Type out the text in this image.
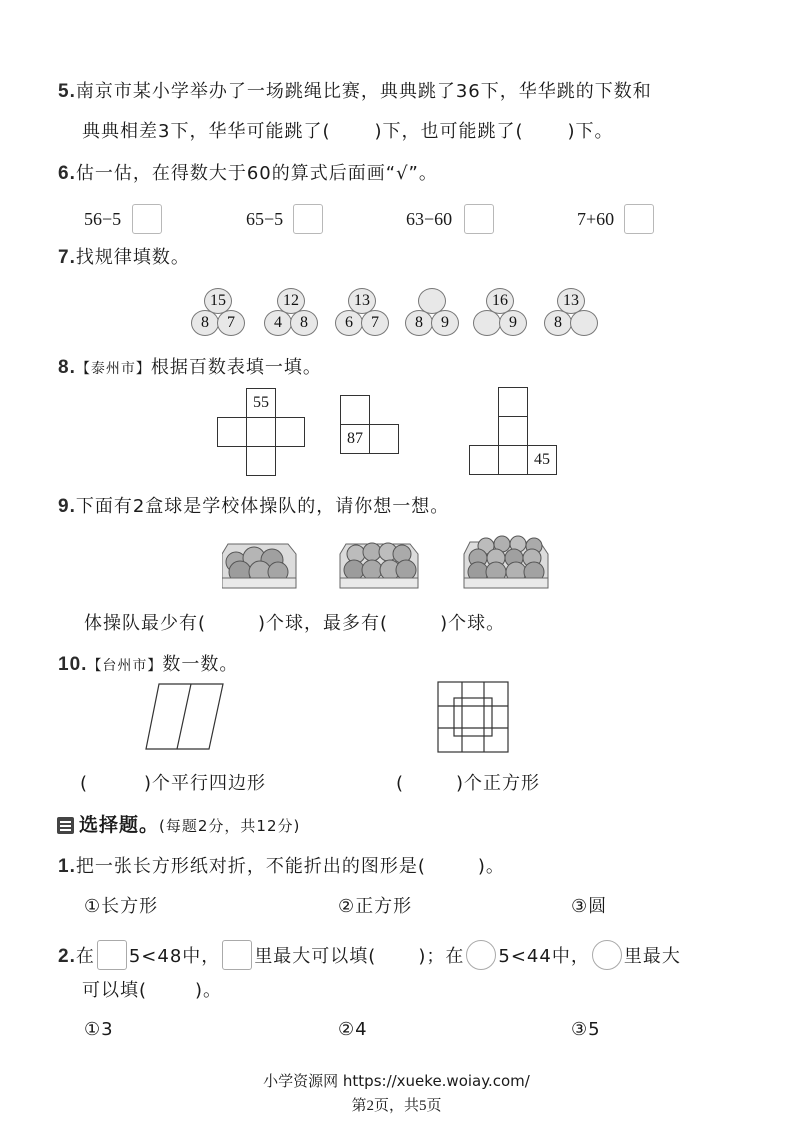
5.南京市某小学举办了一场跳绳比赛，典典跳了36下，华华跳的下数和
典典相差3下，华华可能跳了( )下，也可能跳了( )下。
6.估一估，在得数大于60的算式后面画“√”。
56−5	65−5	63−60	7+60
7.找规律填数。
15
8	7
12
4	8
13
6	7	8	9
16
9
13
8
8.【泰州市】根据百数表填一填。
55
87
45
9.下面有2盒球是学校体操队的，请你想一想。
体操队最少有(	)个球，最多有(	)个球。
10.【台州市】数一数。
(	)个平行四边形	(	)个正方形
选择题。(每题2分，共12分)
1.把一张长方形纸对折，不能折出的图形是(	)。
①长方形	②正方形	③圆
2.在 5<48中， 里最大可以填( )；在 5<44中， 里最大
可以填(	)。
①3	②4	③5
小学资源网 https://xueke.woiay.com/
第2页，共5页
